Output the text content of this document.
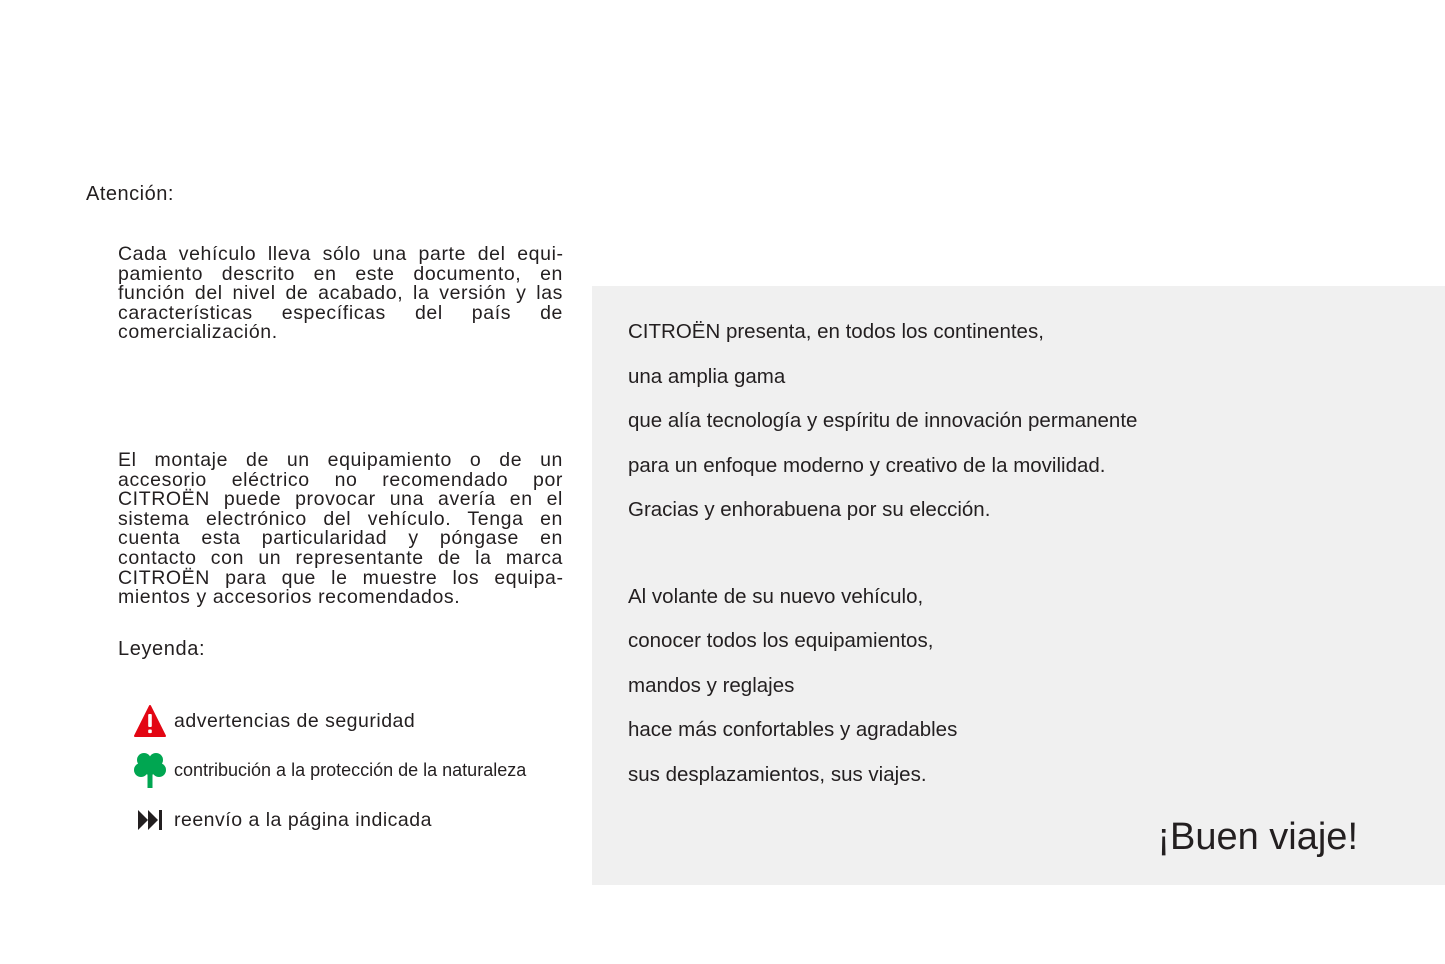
Atención:

Cada vehículo lleva sólo una parte del equipamiento descrito en este documento, en función del nivel de acabado, la versión y las características específicas del país de comercialización.

El montaje de un equipamiento o de un accesorio eléctrico no recomendado por CITROËN puede provocar una avería en el sistema electrónico del vehículo. Tenga en cuenta esta particularidad y póngase en contacto con un representante de la marca CITROËN para que le muestre los equipamientos y accesorios recomendados.

Leyenda:
advertencias de seguridad
contribución a la protección de la naturaleza
reenvío a la página indicada

CITROËN presenta, en todos los continentes,

una amplia gama

que alía tecnología y espíritu de innovación permanente

para un enfoque moderno y creativo de la movilidad.

Gracias y enhorabuena por su elección.

Al volante de su nuevo vehículo,

conocer todos los equipamientos,

mandos y reglajes

hace más confortables y agradables

sus desplazamientos, sus viajes.

¡Buen viaje!
